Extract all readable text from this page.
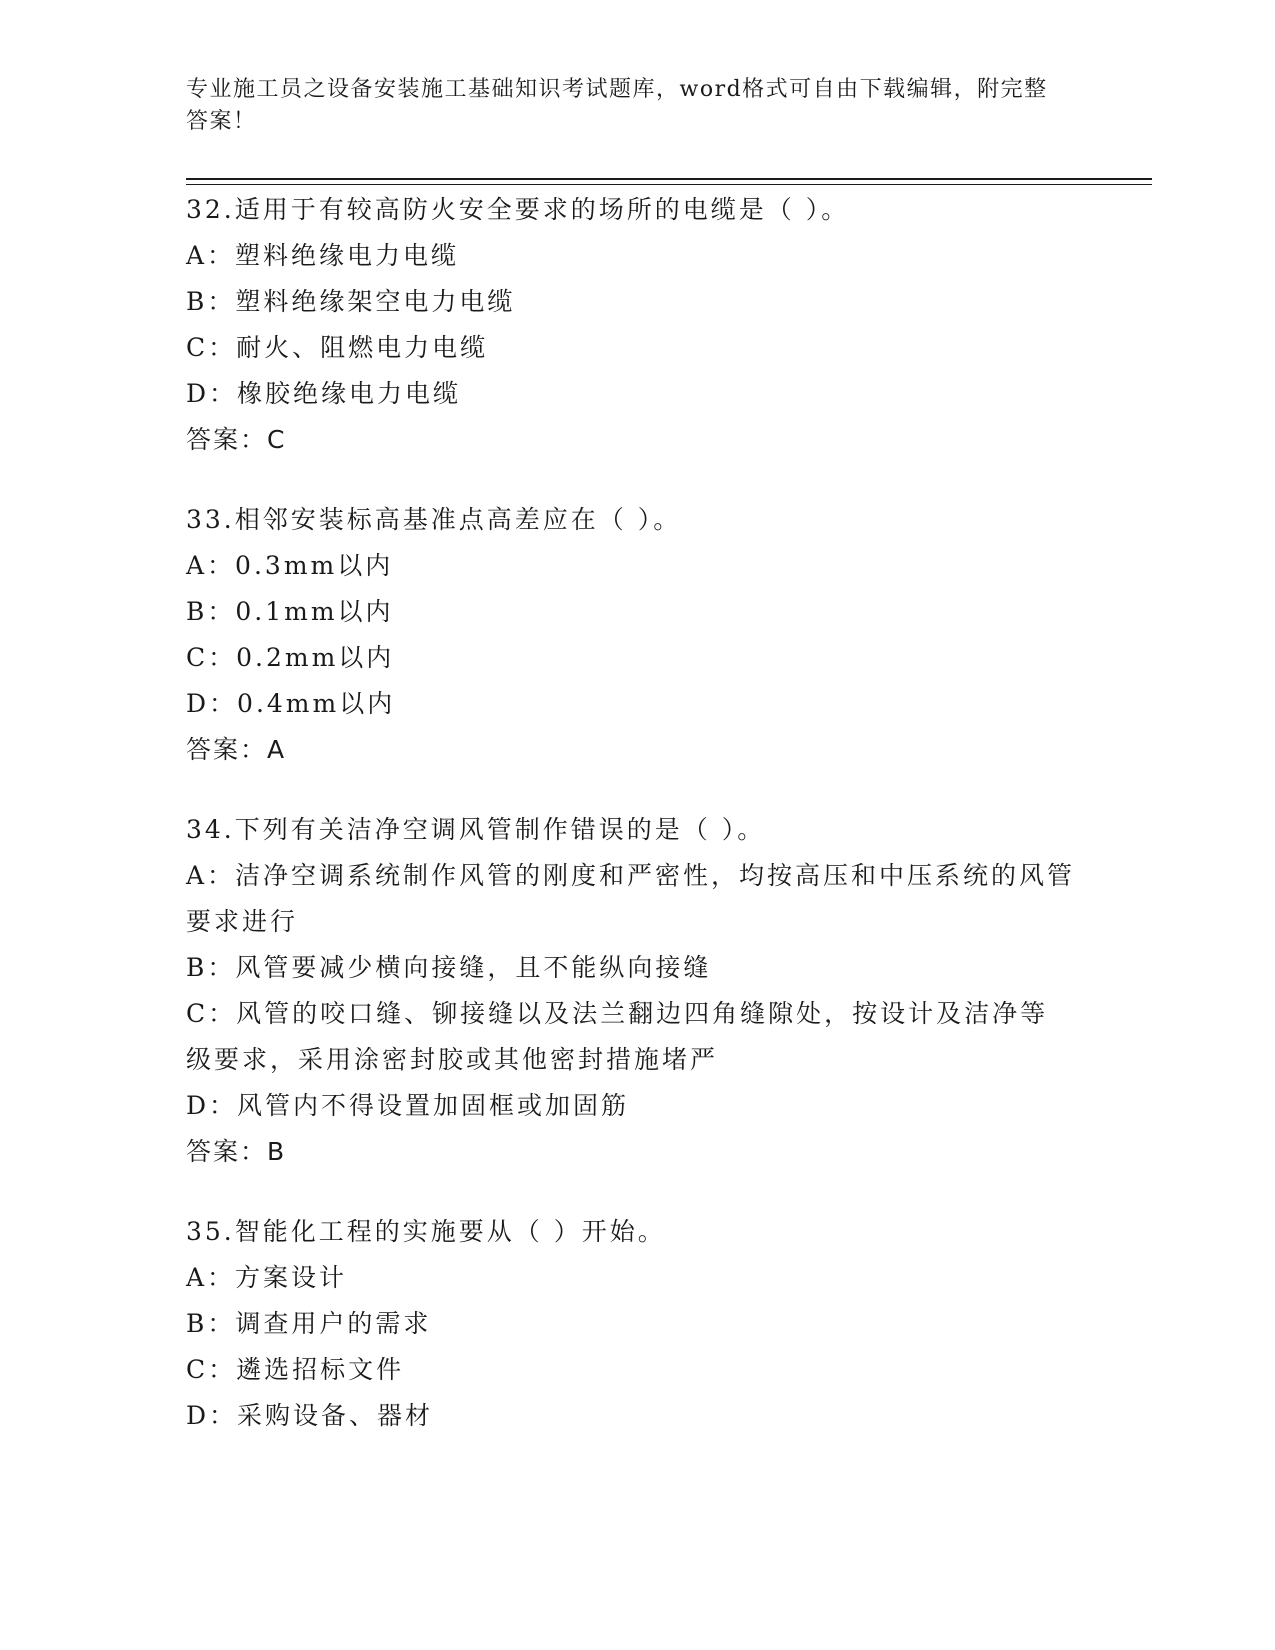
专业施工员之设备安装施工基础知识考试题库，word格式可自由下载编辑，附完整答案！
32.适用于有较高防火安全要求的场所的电缆是（ ）。
A：塑料绝缘电力电缆
B：塑料绝缘架空电力电缆
C：耐火、阻燃电力电缆
D：橡胶绝缘电力电缆
答案：C
33.相邻安装标高基准点高差应在（ ）。
A：0.3mm以内
B：0.1mm以内
C：0.2mm以内
D：0.4mm以内
答案：A
34.下列有关洁净空调风管制作错误的是（ ）。
A：洁净空调系统制作风管的刚度和严密性，均按高压和中压系统的风管要求进行
B：风管要减少横向接缝，且不能纵向接缝
C：风管的咬口缝、铆接缝以及法兰翻边四角缝隙处，按设计及洁净等级要求，采用涂密封胶或其他密封措施堵严
D：风管内不得设置加固框或加固筋
答案：B
35.智能化工程的实施要从（ ）开始。
A：方案设计
B：调查用户的需求
C：遴选招标文件
D：采购设备、器材
